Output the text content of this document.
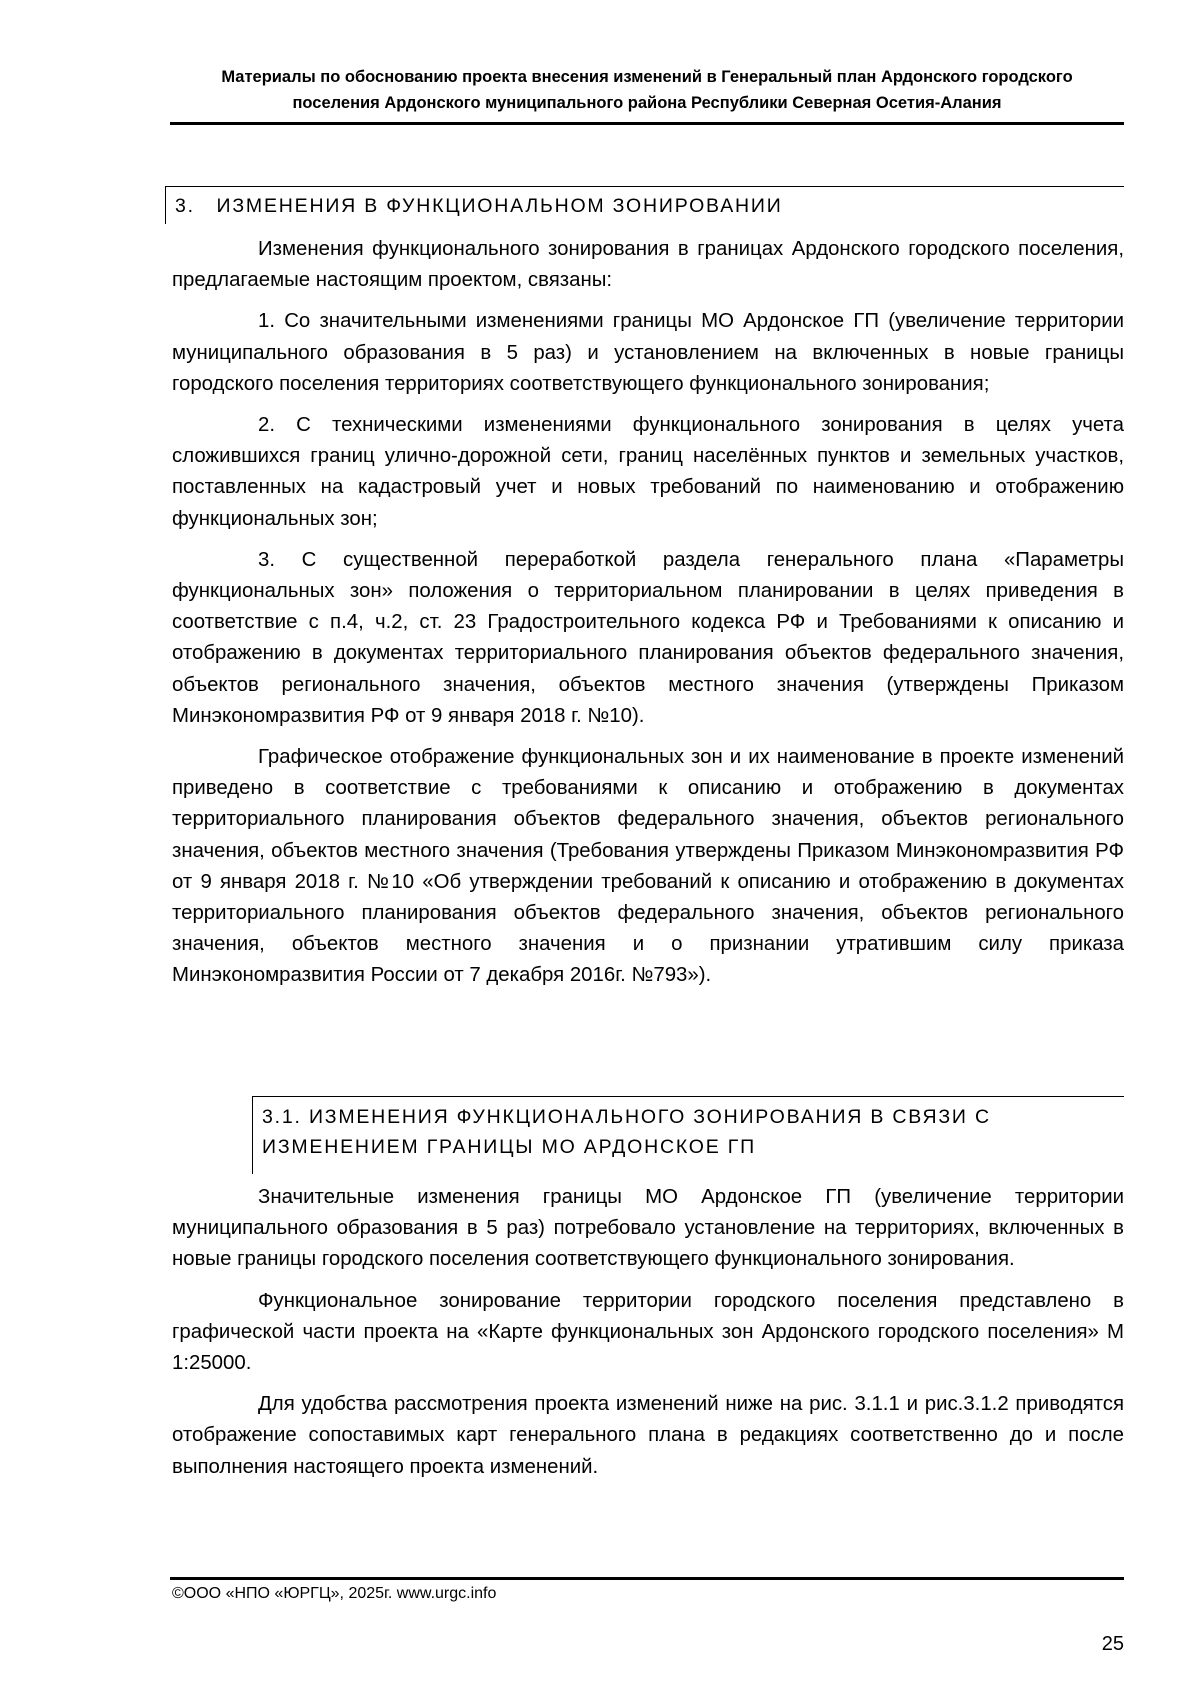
Материалы по обоснованию проекта внесения изменений в Генеральный план Ардонского городского
поселения Ардонского муниципального района Республики Северная Осетия-Алания
3.   ИЗМЕНЕНИЯ В ФУНКЦИОНАЛЬНОМ ЗОНИРОВАНИИ

Изменения функционального зонирования в границах Ардонского городского поселения, предлагаемые настоящим проектом, связаны:

1. Со значительными изменениями границы МО Ардонское ГП (увеличение территории муниципального образования в 5 раз) и установлением на включенных в новые границы городского поселения территориях соответствующего функционального зонирования;

2. С техническими изменениями функционального зонирования в целях учета сложившихся границ улично-дорожной сети, границ населённых пунктов и земельных участков, поставленных на кадастровый учет и новых требований по наименованию и отображению функциональных зон;

3. С существенной переработкой раздела генерального плана «Параметры функциональных зон» положения о территориальном планировании в целях приведения в соответствие с п.4, ч.2, ст. 23 Градостроительного кодекса РФ и Требованиями к описанию и отображению в документах территориального планирования объектов федерального значения, объектов регионального значения, объектов местного значения (утверждены Приказом Минэкономразвития РФ от 9 января 2018 г. №10).

Графическое отображение функциональных зон и их наименование в проекте изменений приведено в соответствие с требованиями к описанию и отображению в документах территориального планирования объектов федерального значения, объектов регионального значения, объектов местного значения (Требования утверждены Приказом Минэкономразвития РФ от 9 января 2018 г. №10 «Об утверждении требований к описанию и отображению в документах территориального планирования объектов федерального значения, объектов регионального значения, объектов местного значения и о признании утратившим силу приказа Минэкономразвития России от 7 декабря 2016г. №793»).

3.1. ИЗМЕНЕНИЯ ФУНКЦИОНАЛЬНОГО ЗОНИРОВАНИЯ В СВЯЗИ С
ИЗМЕНЕНИЕМ ГРАНИЦЫ МО АРДОНСКОЕ ГП

Значительные изменения границы МО Ардонское ГП (увеличение территории муниципального образования в 5 раз) потребовало установление на территориях, включенных в новые границы городского поселения соответствующего функционального зонирования.

Функциональное зонирование территории городского поселения представлено в графической части проекта на «Карте функциональных зон Ардонского городского поселения» М 1:25000.

Для удобства рассмотрения проекта изменений ниже на рис. 3.1.1 и рис.3.1.2 приводятся отображение сопоставимых карт генерального плана в редакциях соответственно до и после выполнения настоящего проекта изменений.

©ООО «НПО «ЮРГЦ», 2025г. www.urgc.info
25
